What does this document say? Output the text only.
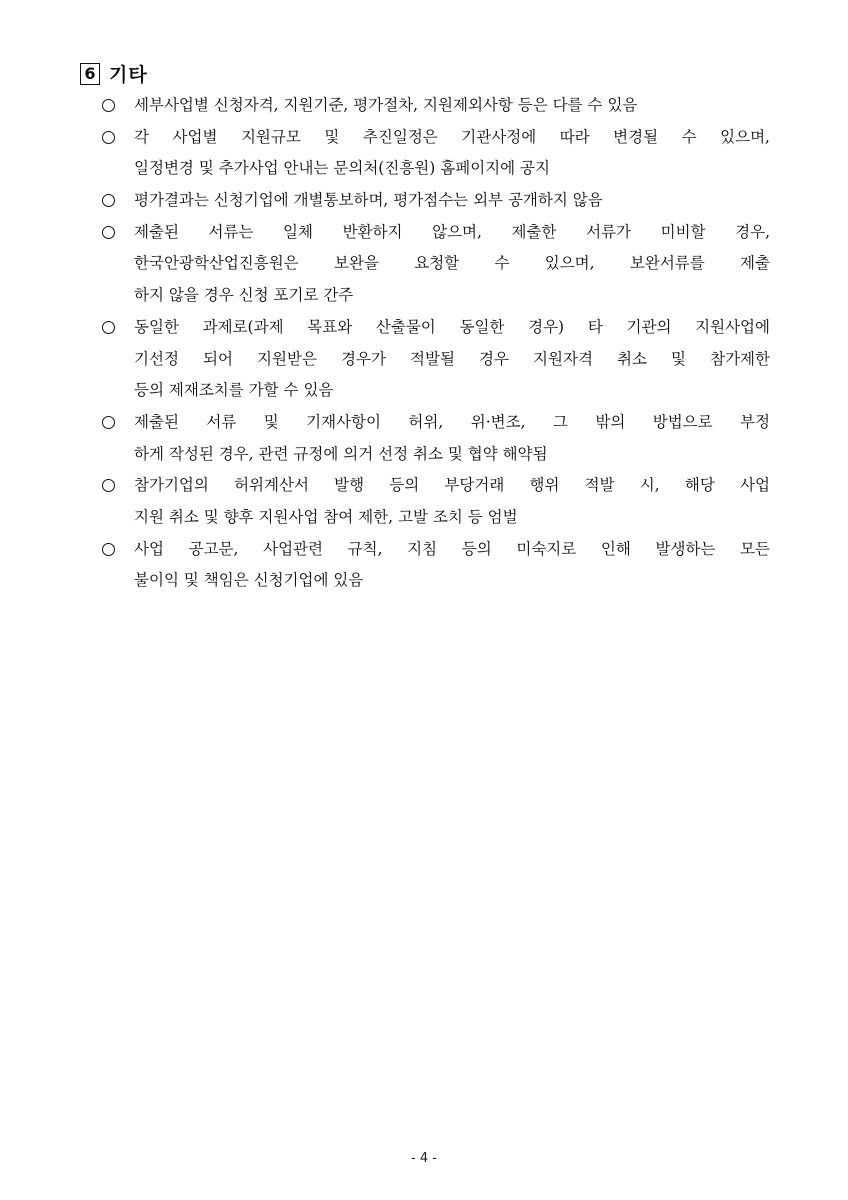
6 기타
세부사업별 신청자격, 지원기준, 평가절차, 지원제외사항 등은 다를 수 있음
각 사업별 지원규모 및 추진일정은 기관사정에 따라 변경될 수 있으며,
일정변경 및 추가사업 안내는 문의처(진흥원) 홈페이지에 공지
평가결과는 신청기업에 개별통보하며, 평가점수는 외부 공개하지 않음
제출된 서류는 일체 반환하지 않으며, 제출한 서류가 미비할 경우,
한국안광학산업진흥원은 보완을 요청할 수 있으며, 보완서류를 제출
하지 않을 경우 신청 포기로 간주
동일한 과제로(과제 목표와 산출물이 동일한 경우) 타 기관의 지원사업에
기선정 되어 지원받은 경우가 적발될 경우 지원자격 취소 및 참가제한
등의 제재조치를 가할 수 있음
제출된 서류 및 기재사항이 허위, 위·변조, 그 밖의 방법으로 부정
하게 작성된 경우, 관련 규정에 의거 선정 취소 및 협약 해약됨
참가기업의 허위계산서 발행 등의 부당거래 행위 적발 시, 해당 사업
지원 취소 및 향후 지원사업 참여 제한, 고발 조치 등 엄벌
사업 공고문, 사업관련 규칙, 지침 등의 미숙지로 인해 발생하는 모든
불이익 및 책임은 신청기업에 있음
- 4 -
